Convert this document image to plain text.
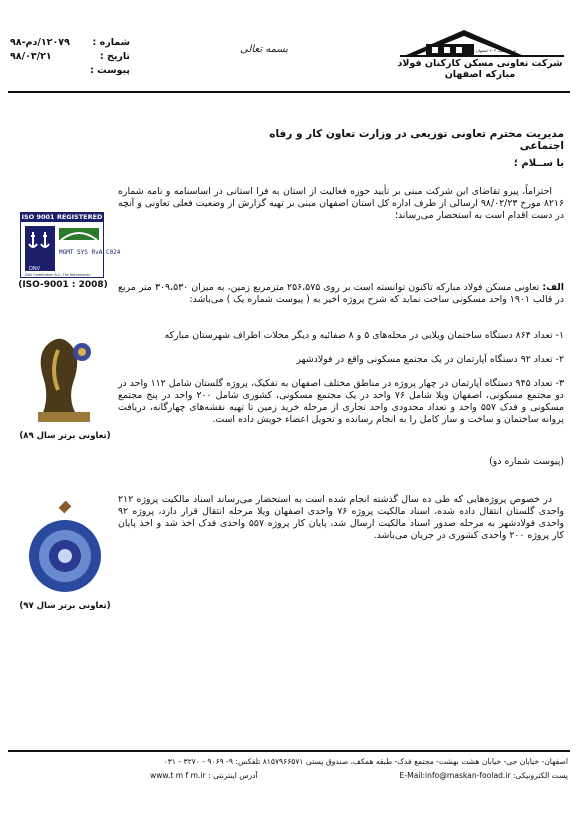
شماره :
۱۲۰۷۹/دم-۹۸
تاریخ :
۹۸/۰۳/۲۱
پیوست :
بسمه تعالی	شماره ثبت ۲۰۳ اصفهان
شرکت تعاونی مسکن کارکنان فولاد مبارکه اصفهان
ISO 9001 REGISTERED
DNV
MGMT SYS RvA C024
DNV Certification B.V., The Netherlands
(ISO-9001 : 2008)
(تعاونی برتر سال ۸۹)
(تعاونی برتر سال ۹۷)
مدیریت محترم تعاونی توزیعی در وزارت تعاون کار و رفاه اجتماعی
با ســلام ؛

احتراماً، پیرو تقاضای این شرکت مبنی بر تأیید حوزه فعالیت از استان به فرا استانی در اساسنامه و نامه شماره ۸۲۱۶ مورخ ۹۸/۰۲/۲۳ ارسالی از طرف اداره کل استان اصفهان مبنی بر تهیه گزارش از وضعیت فعلی تعاونی و آنچه در دست اقدام است به استحضار می‌رساند؛

الف: تعاونی مسکن فولاد مبارکه تاکنون توانسته است بر روی ۲۵۶،۵۷۵ مترمربع زمین، به میزان ۳۰۹،۵۳۰ متر مربع در قالب ۱۹۰۱ واحد مسکونی ساخت نماید که شرح پروژه اخیر به ( پیوست شماره یک ) می‌باشد:

۱- تعداد ۸۶۴ دستگاه ساختمان ویلایی در محله‌های ۵ و ۸ صفائیه و دیگر محلات اطراف شهرستان مبارکه
۲- تعداد ۹۲ دستگاه آپارتمان در یک مجتمع مسکونی واقع در فولادشهر
۳- تعداد ۹۴۵ دستگاه آپارتمان در چهار پروژه در مناطق مختلف اصفهان به تفکیک، پروژه گلستان شامل ۱۱۲ واحد در دو مجتمع مسکونی، اصفهان ویلا شامل ۷۶ واحد در یک مجتمع مسکونی، کشوری شامل ۲۰۰ واحد در پنج مجتمع مسکونی و فدک ۵۵۷ واحد و تعداد محدودی واحد تجاری از مرحله خرید زمین تا تهیه نقشه‌های چهارگانه، دریافت پروانه ساختمان و ساخت و ساز کامل را به انجام رسانده و تحویل اعضاء خویش داده است.
(پیوست شماره دو)

در خصوص پروژه‌هایی که طی ده سال گذشته انجام شده است به استحضار می‌رساند اسناد مالکیت پروژه ۲۱۲ واحدی گلستان انتقال داده شده، اسناد مالکیت پروژه ۷۶ واحدی اصفهان ویلا مرحله انتقال قرار دارد، پروژه ۹۲ واحدی فولادشهر به مرحله صدور اسناد مالکیت ارسال شد، پایان کار پروژه ۵۵۷ واحدی فدک اخذ شد و اخذ پایان کار پروژه ۲۰۰ واحدی کشوری در جریان می‌باشد.

اصفهان- خیابان جی- خیابان هشت بهشت- مجتمع فدک- طبقه همکف، صندوق پستی ۸۱۵۷۹۶۶۵۷۱ تلفکس: ۹- ۹۰۶۹ - ۳۲۷۰ - ۰۳۱
پست الکترونیکی: E-Mail:info@maskan-foolad.ir
آدرس اینترنتی : www.t m f m.ir
